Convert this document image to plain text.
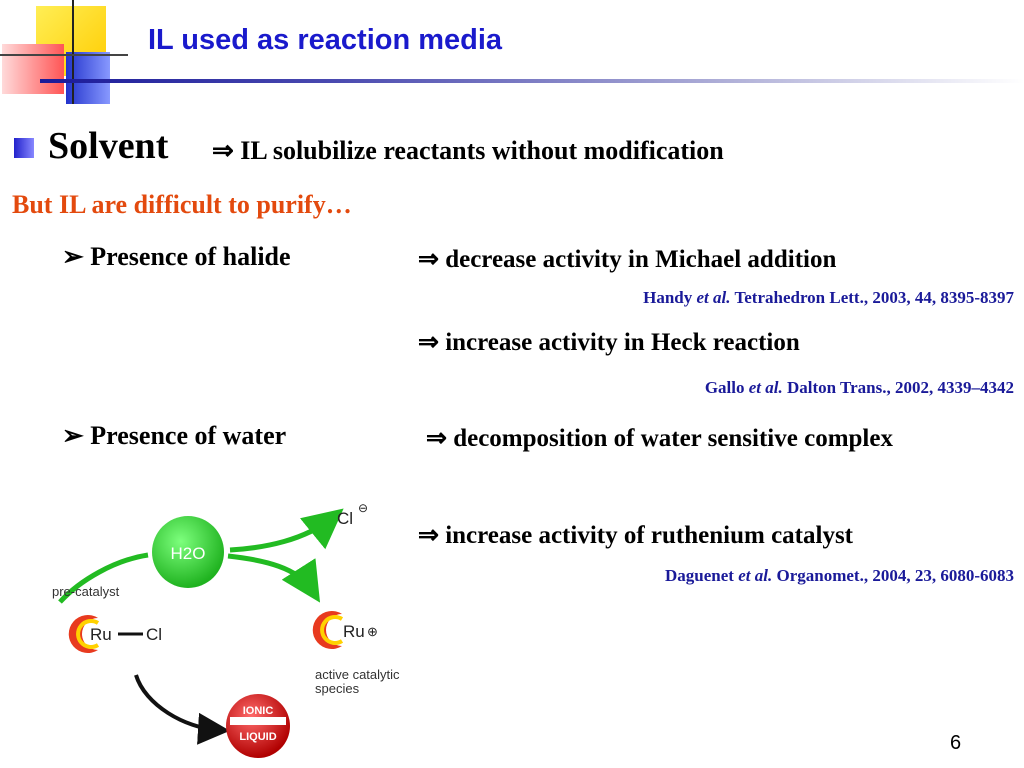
IL used as reaction media
Solvent ⇒ IL solubilize reactants without modification
But IL are difficult to purify…
➢ Presence of halide	⇒ decrease activity in Michael addition
Handy et al. Tetrahedron Lett., 2003, 44, 8395-8397
⇒ increase activity in Heck reaction
Gallo et al. Dalton Trans., 2002, 4339–4342
➢ Presence of water	⇒ decomposition of water sensitive complex
⇒ increase activity of ruthenium catalyst
Daguenet et al. Organomet., 2004, 23, 6080-6083
H2O
Cl
⊖
pre-catalyst
Ru Cl	Ru ⊕
active catalytic
species
IONIC
LIQUID	6
